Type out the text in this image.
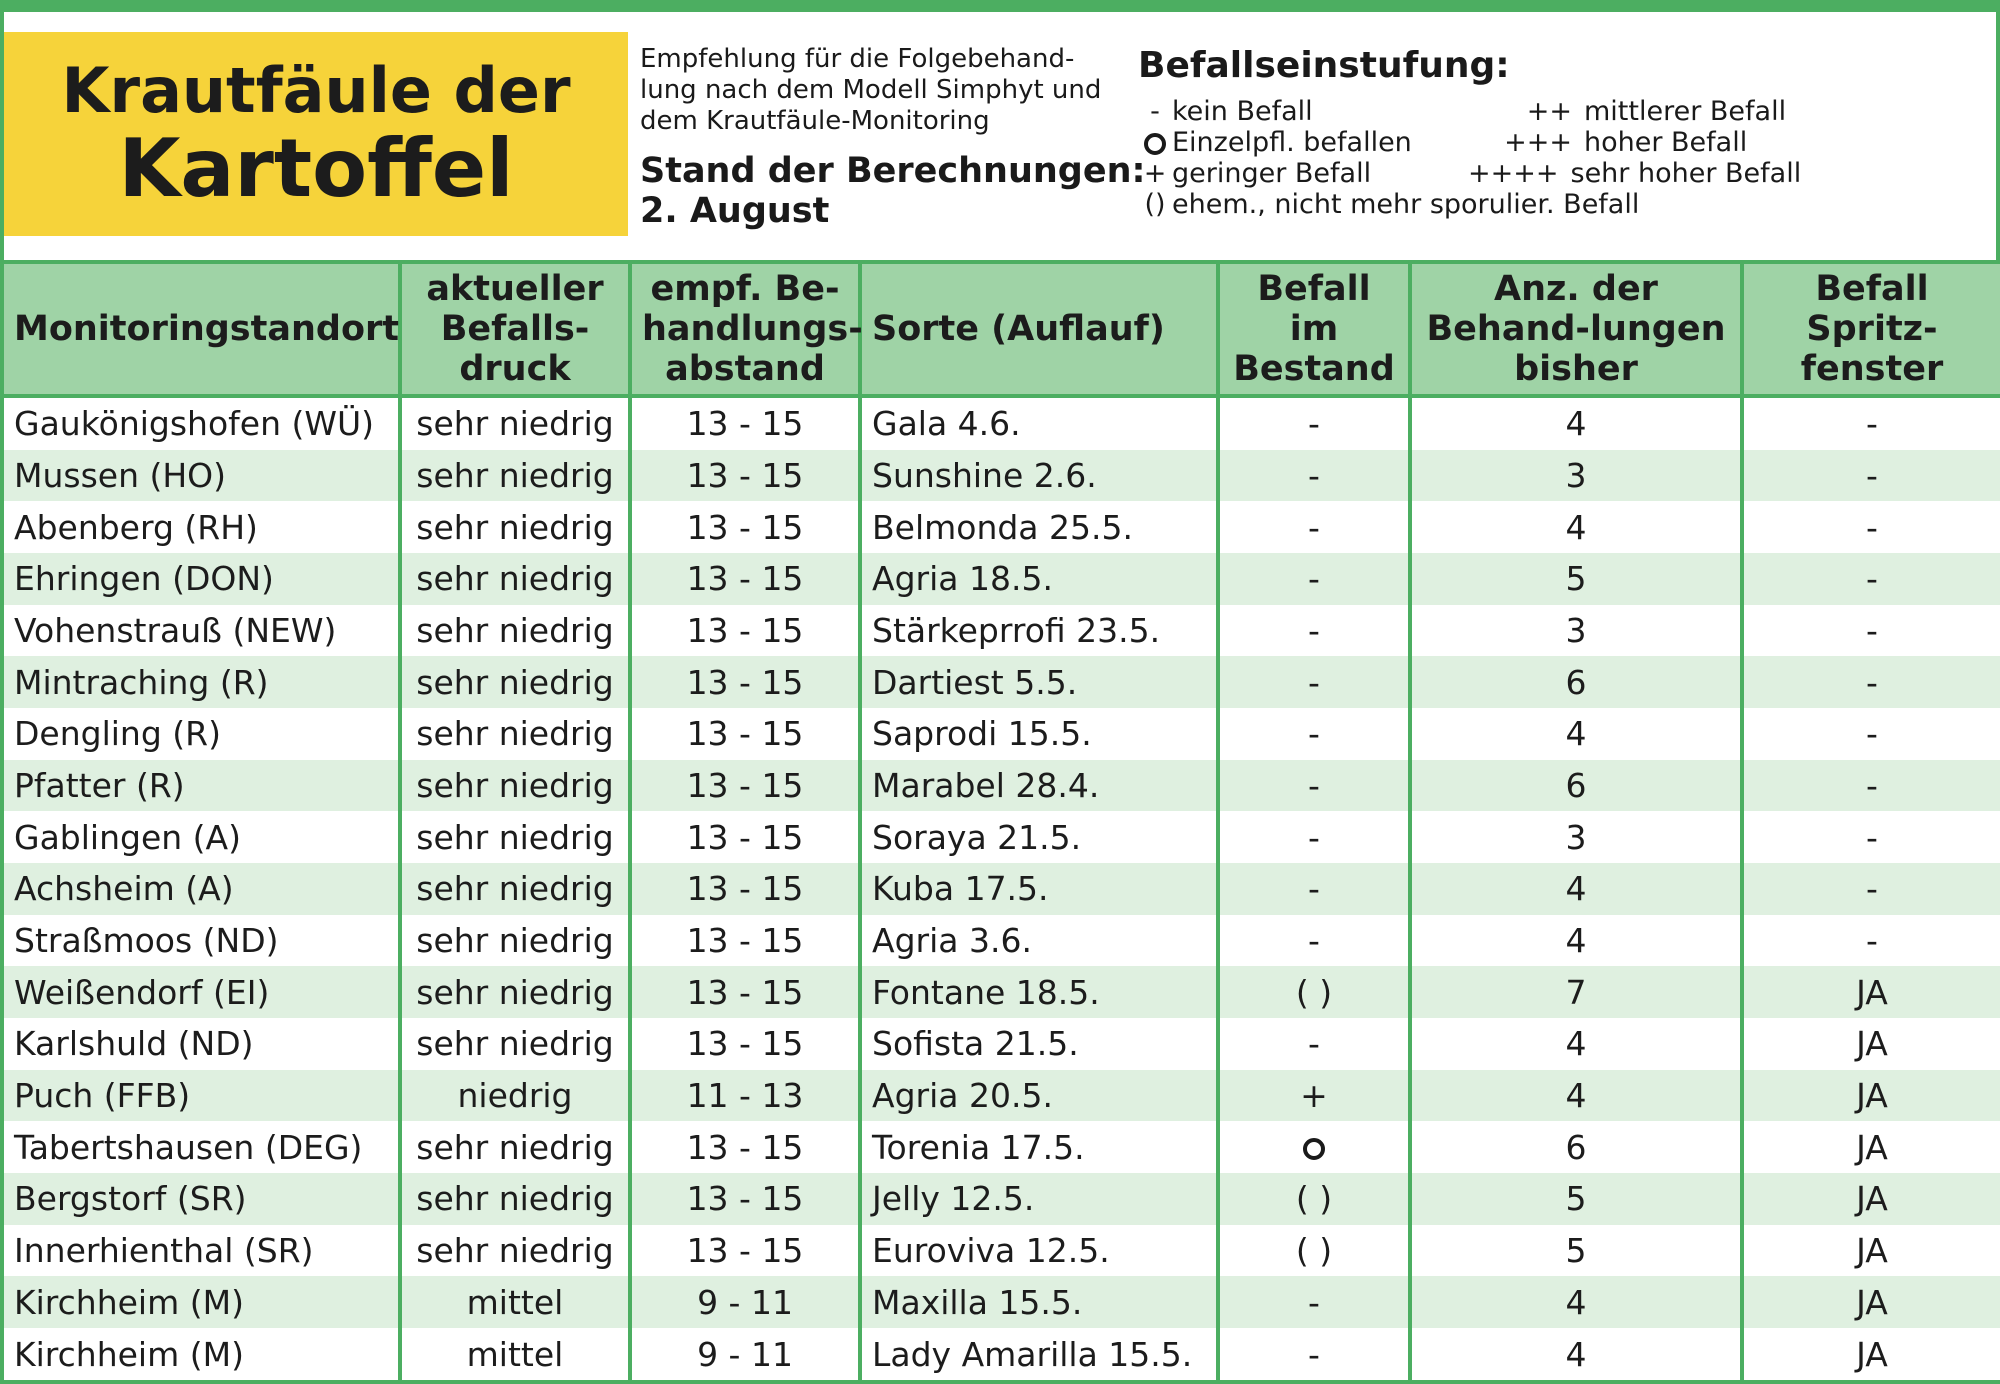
Krautfäule der
Kartoffel
Empfehlung für die Folgebehand-lung nach dem Modell Simphyt und dem Krautfäule-Monitoring
Stand der Berechnungen:
2. August
Befallseinstufung:
- kein Befall	++ mittlerer Befall
Einzelpfl. befallen	+++ hoher Befall
+ geringer Befall	++++ sehr hoher Befall
() ehem., nicht mehr sporulier. Befall
Monitoringstandort	aktueller Befalls-druck	empf. Be-handlungs-abstand	Sorte (Auflauf)	Befall im Bestand	Anz. der Behand-lungen bisher	Befall Spritz-fenster
Gaukönigshofen (WÜ)	sehr niedrig	13 - 15	Gala 4.6.	-	4	-
Mussen (HO)	sehr niedrig	13 - 15	Sunshine 2.6.	-	3	-
Abenberg (RH)	sehr niedrig	13 - 15	Belmonda 25.5.	-	4	-
Ehringen (DON)	sehr niedrig	13 - 15	Agria 18.5.	-	5	-
Vohenstrauß (NEW)	sehr niedrig	13 - 15	Stärkeprrofi 23.5.	-	3	-
Mintraching (R)	sehr niedrig	13 - 15	Dartiest 5.5.	-	6	-
Dengling (R)	sehr niedrig	13 - 15	Saprodi 15.5.	-	4	-
Pfatter (R)	sehr niedrig	13 - 15	Marabel 28.4.	-	6	-
Gablingen (A)	sehr niedrig	13 - 15	Soraya 21.5.	-	3	-
Achsheim (A)	sehr niedrig	13 - 15	Kuba 17.5.	-	4	-
Straßmoos (ND)	sehr niedrig	13 - 15	Agria 3.6.	-	4	-
Weißendorf (EI)	sehr niedrig	13 - 15	Fontane 18.5.	( )	7	JA
Karlshuld (ND)	sehr niedrig	13 - 15	Sofista 21.5.	-	4	JA
Puch (FFB)	niedrig	11 - 13	Agria 20.5.	+	4	JA
Tabertshausen (DEG)	sehr niedrig	13 - 15	Torenia 17.5.		6	JA
Bergstorf (SR)	sehr niedrig	13 - 15	Jelly 12.5.	( )	5	JA
Innerhienthal (SR)	sehr niedrig	13 - 15	Euroviva 12.5.	( )	5	JA
Kirchheim (M)	mittel	9 - 11	Maxilla 15.5.	-	4	JA
Kirchheim (M)	mittel	9 - 11	Lady Amarilla 15.5.	-	4	JA
